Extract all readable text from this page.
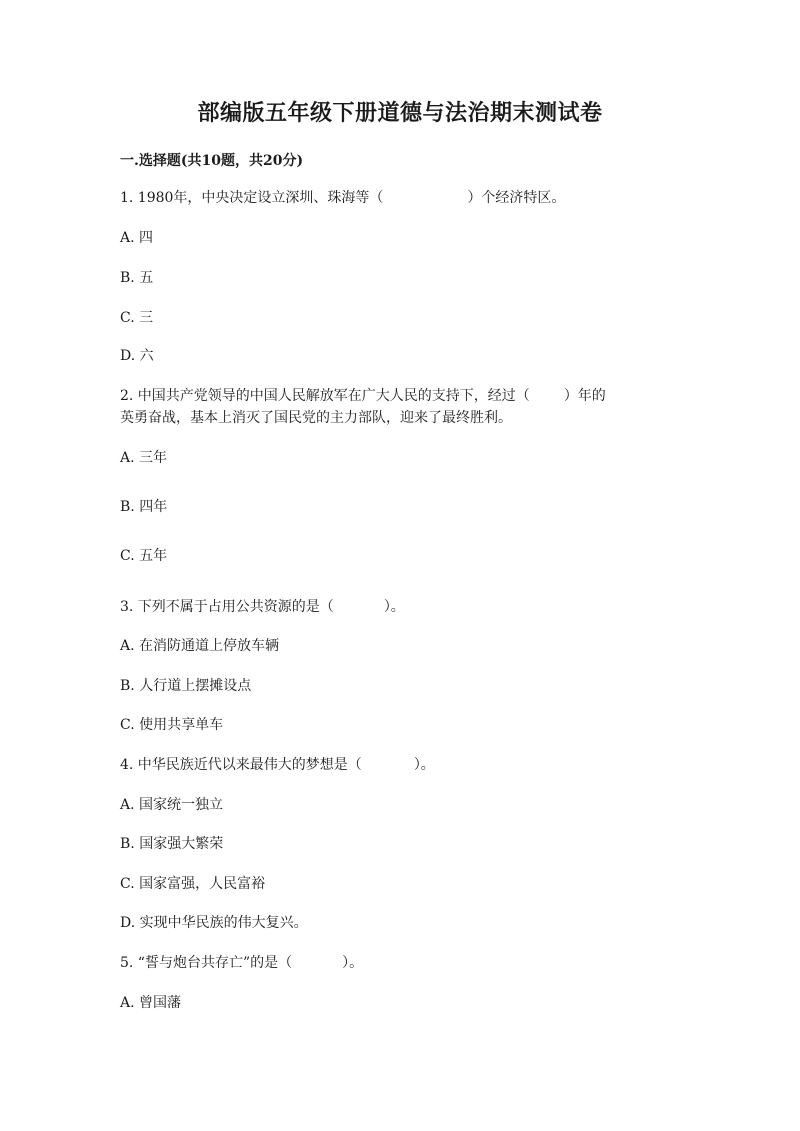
部编版五年级下册道德与法治期末测试卷
一.选择题(共10题，共20分)
1. 1980年，中央决定设立深圳、珠海等（	）个经济特区。
A. 四
B. 五
C. 三
D. 六
2. 中国共产党领导的中国人民解放军在广大人民的支持下，经过（ ）年的
英勇奋战，基本上消灭了国民党的主力部队，迎来了最终胜利。
A. 三年
B. 四年
C. 五年
3. 下列不属于占用公共资源的是（	）。
A. 在消防通道上停放车辆
B. 人行道上摆摊设点
C. 使用共享单车
4. 中华民族近代以来最伟大的梦想是（	）。
A. 国家统一独立
B. 国家强大繁荣
C. 国家富强，人民富裕
D. 实现中华民族的伟大复兴。
5. “誓与炮台共存亡”的是（	）。
A. 曾国藩
